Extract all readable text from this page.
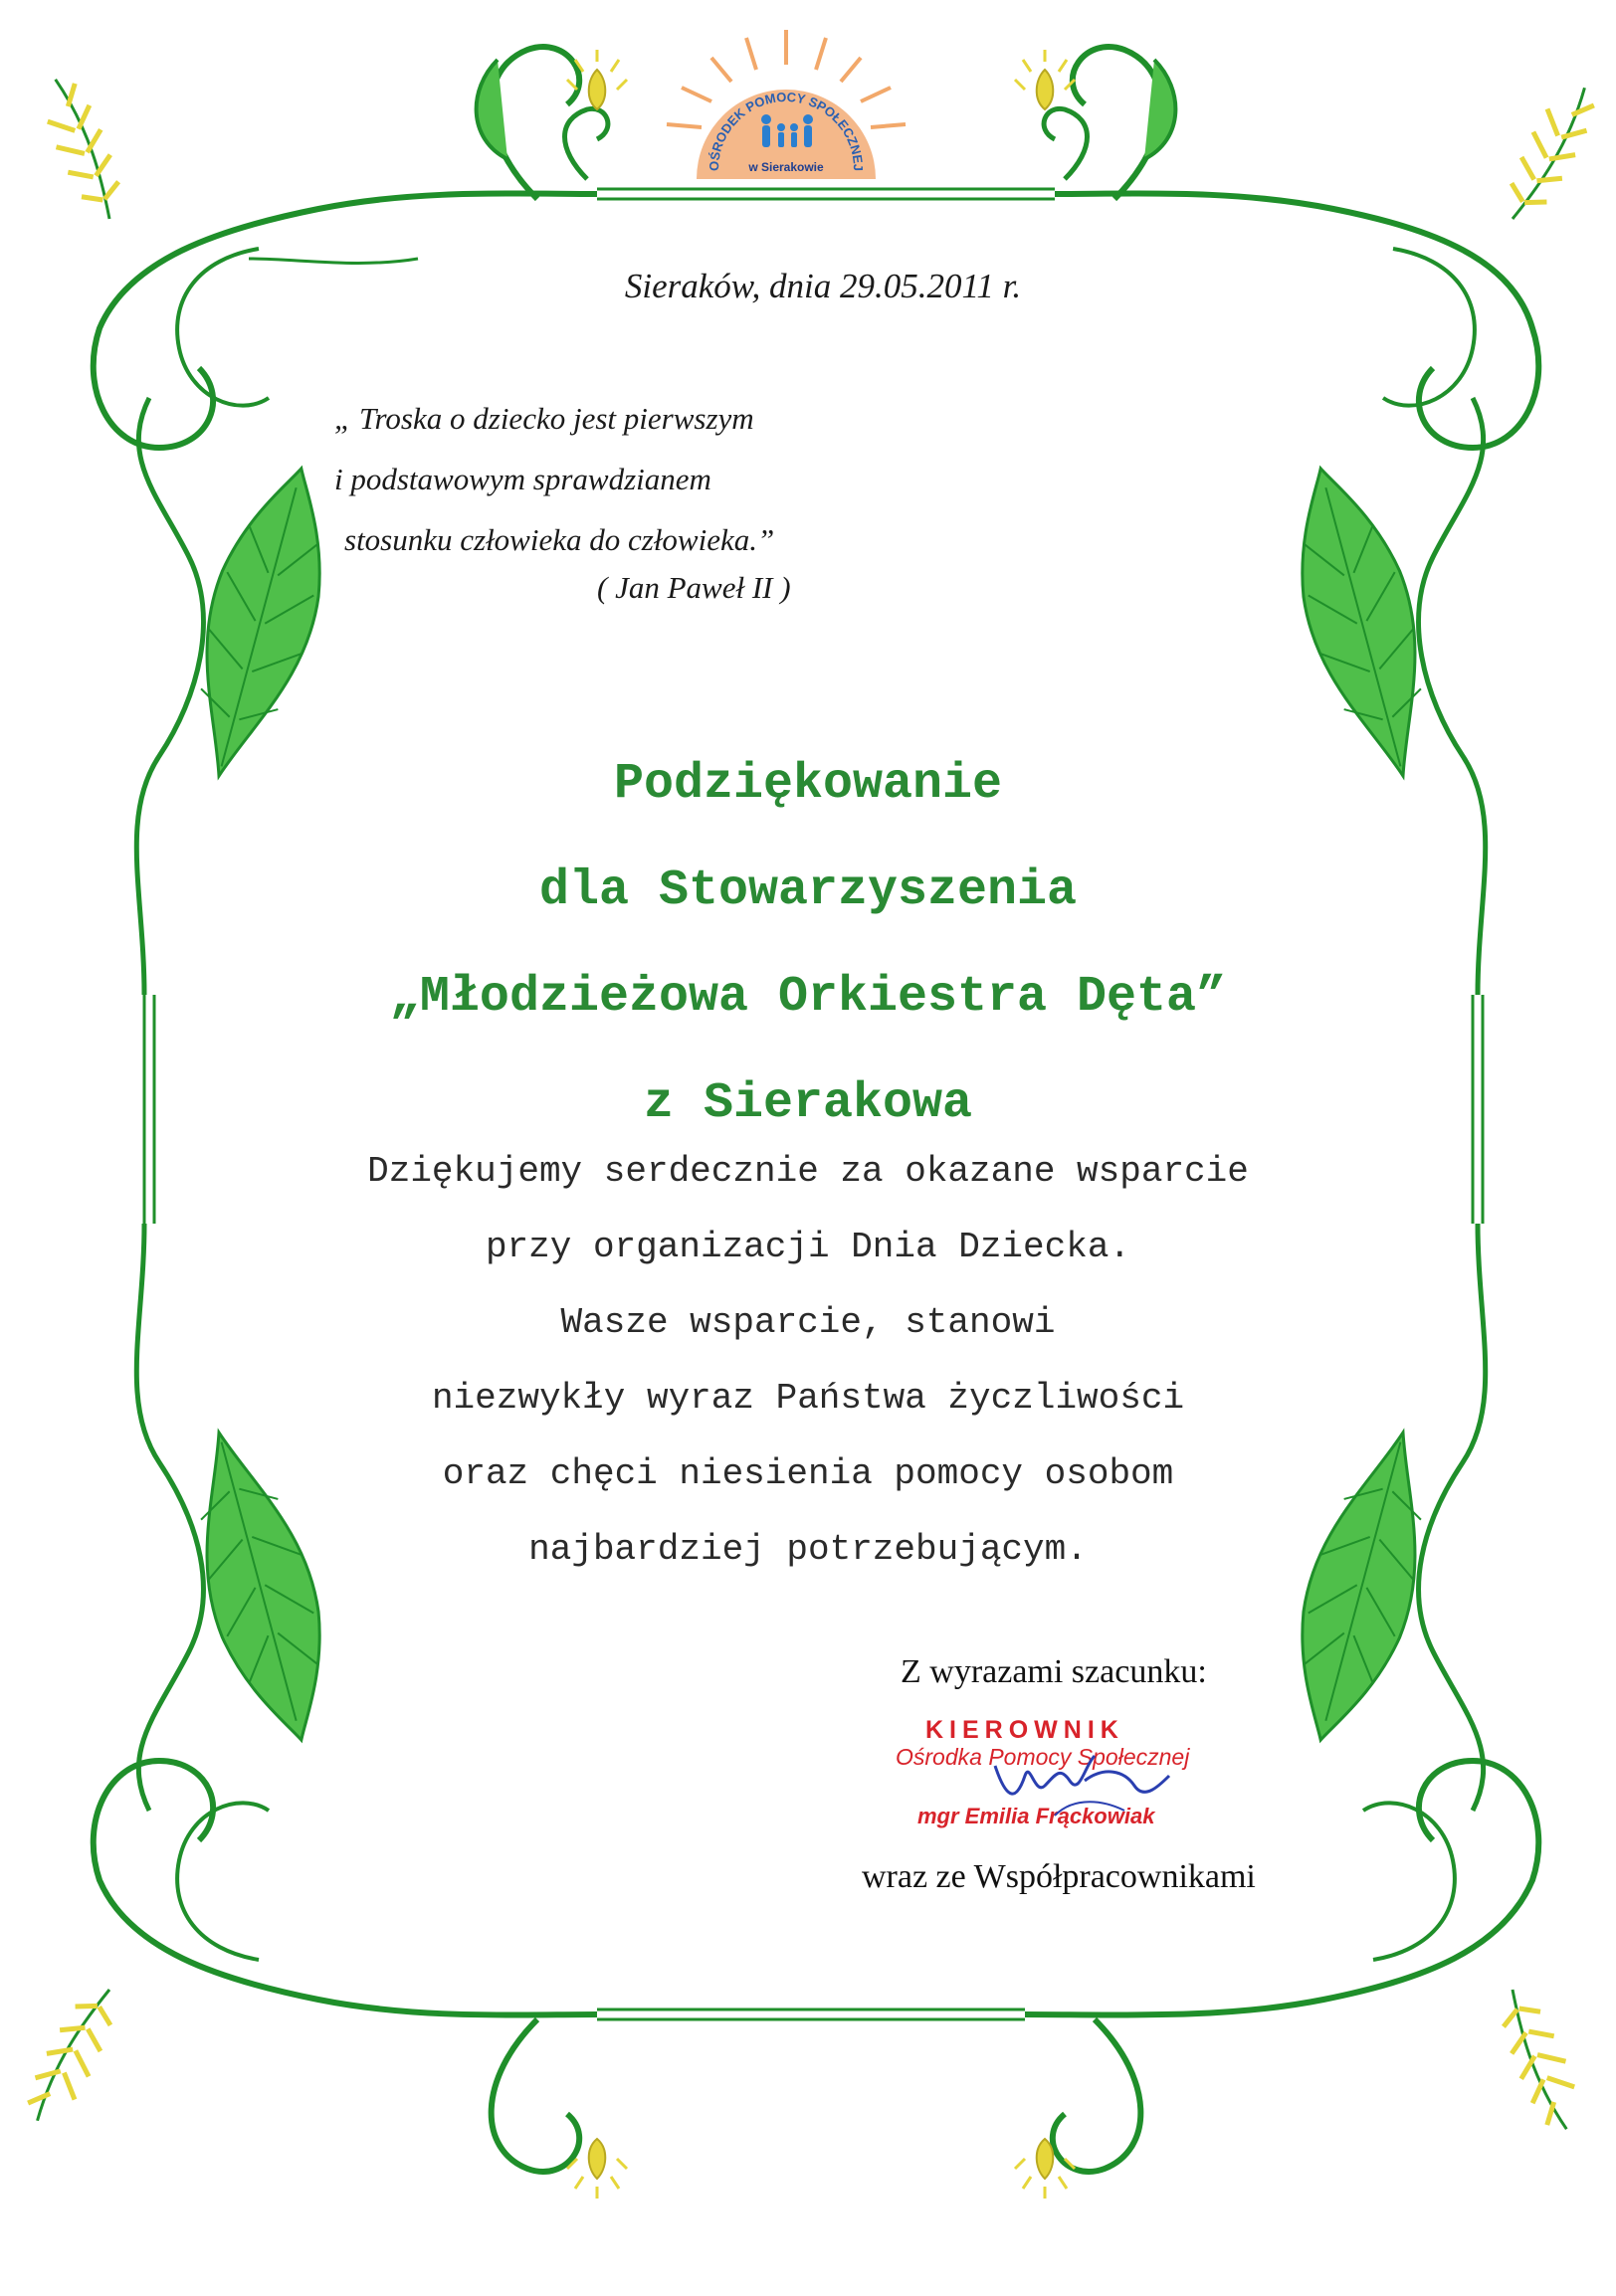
OŚRODEK POMOCY SPOŁECZNEJ
w Sierakowie
Sieraków, dnia 29.05.2011 r.
„ Troska o dziecko jest pierwszym
i podstawowym sprawdzianem
stosunku człowieka do człowieka.”
( Jan Paweł II )
Podziękowanie
dla Stowarzyszenia
„Młodzieżowa Orkiestra Dęta”
z Sierakowa
Dziękujemy serdecznie za okazane wsparcie
przy organizacji Dnia Dziecka.
Wasze wsparcie, stanowi
niezwykły wyraz Państwa życzliwości
oraz chęci niesienia pomocy osobom
najbardziej potrzebującym.
Z wyrazami szacunku:
KIEROWNIK
Ośrodka Pomocy Społecznej
mgr Emilia Frąckowiak
wraz ze Współpracownikami
